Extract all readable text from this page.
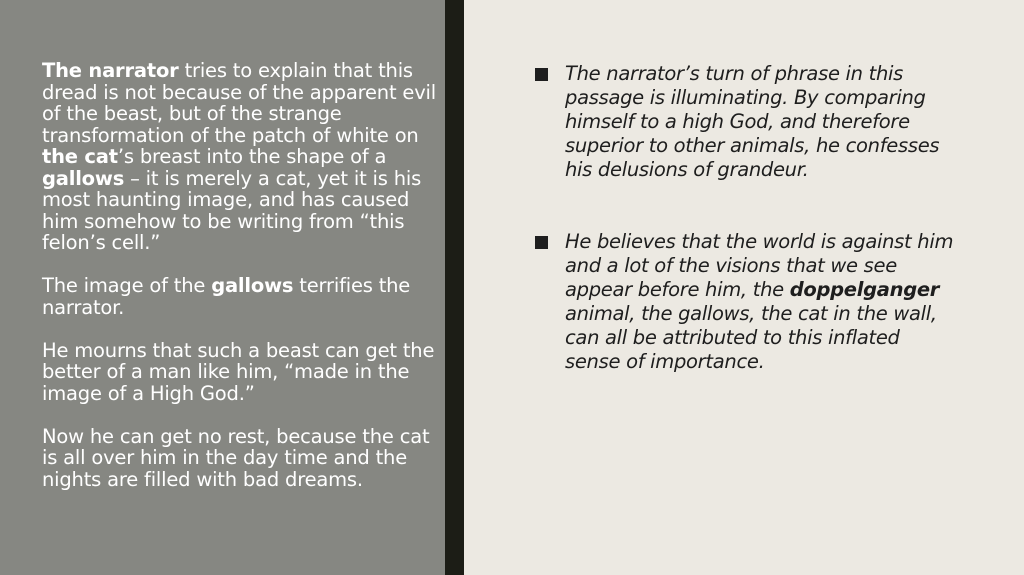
The narrator tries to explain that this dread is not because of the apparent evil of the beast, but of the strange transformation of the patch of white on the cat’s breast into the shape of a gallows – it is merely a cat, yet it is his most haunting image, and has caused him somehow to be writing from “this felon’s cell.”

The image of the gallows terrifies the narrator.

He mourns that such a beast can get the better of a man like him, “made in the image of a High God.”

Now he can get no rest, because the cat is all over him in the day time and the nights are filled with bad dreams.

The narrator’s turn of phrase in this passage is illuminating. By comparing himself to a high God, and therefore superior to other animals, he confesses his delusions of grandeur.
He believes that the world is against him and a lot of the visions that we see appear before him, the doppelganger animal, the gallows, the cat in the wall, can all be attributed to this inflated sense of importance.
